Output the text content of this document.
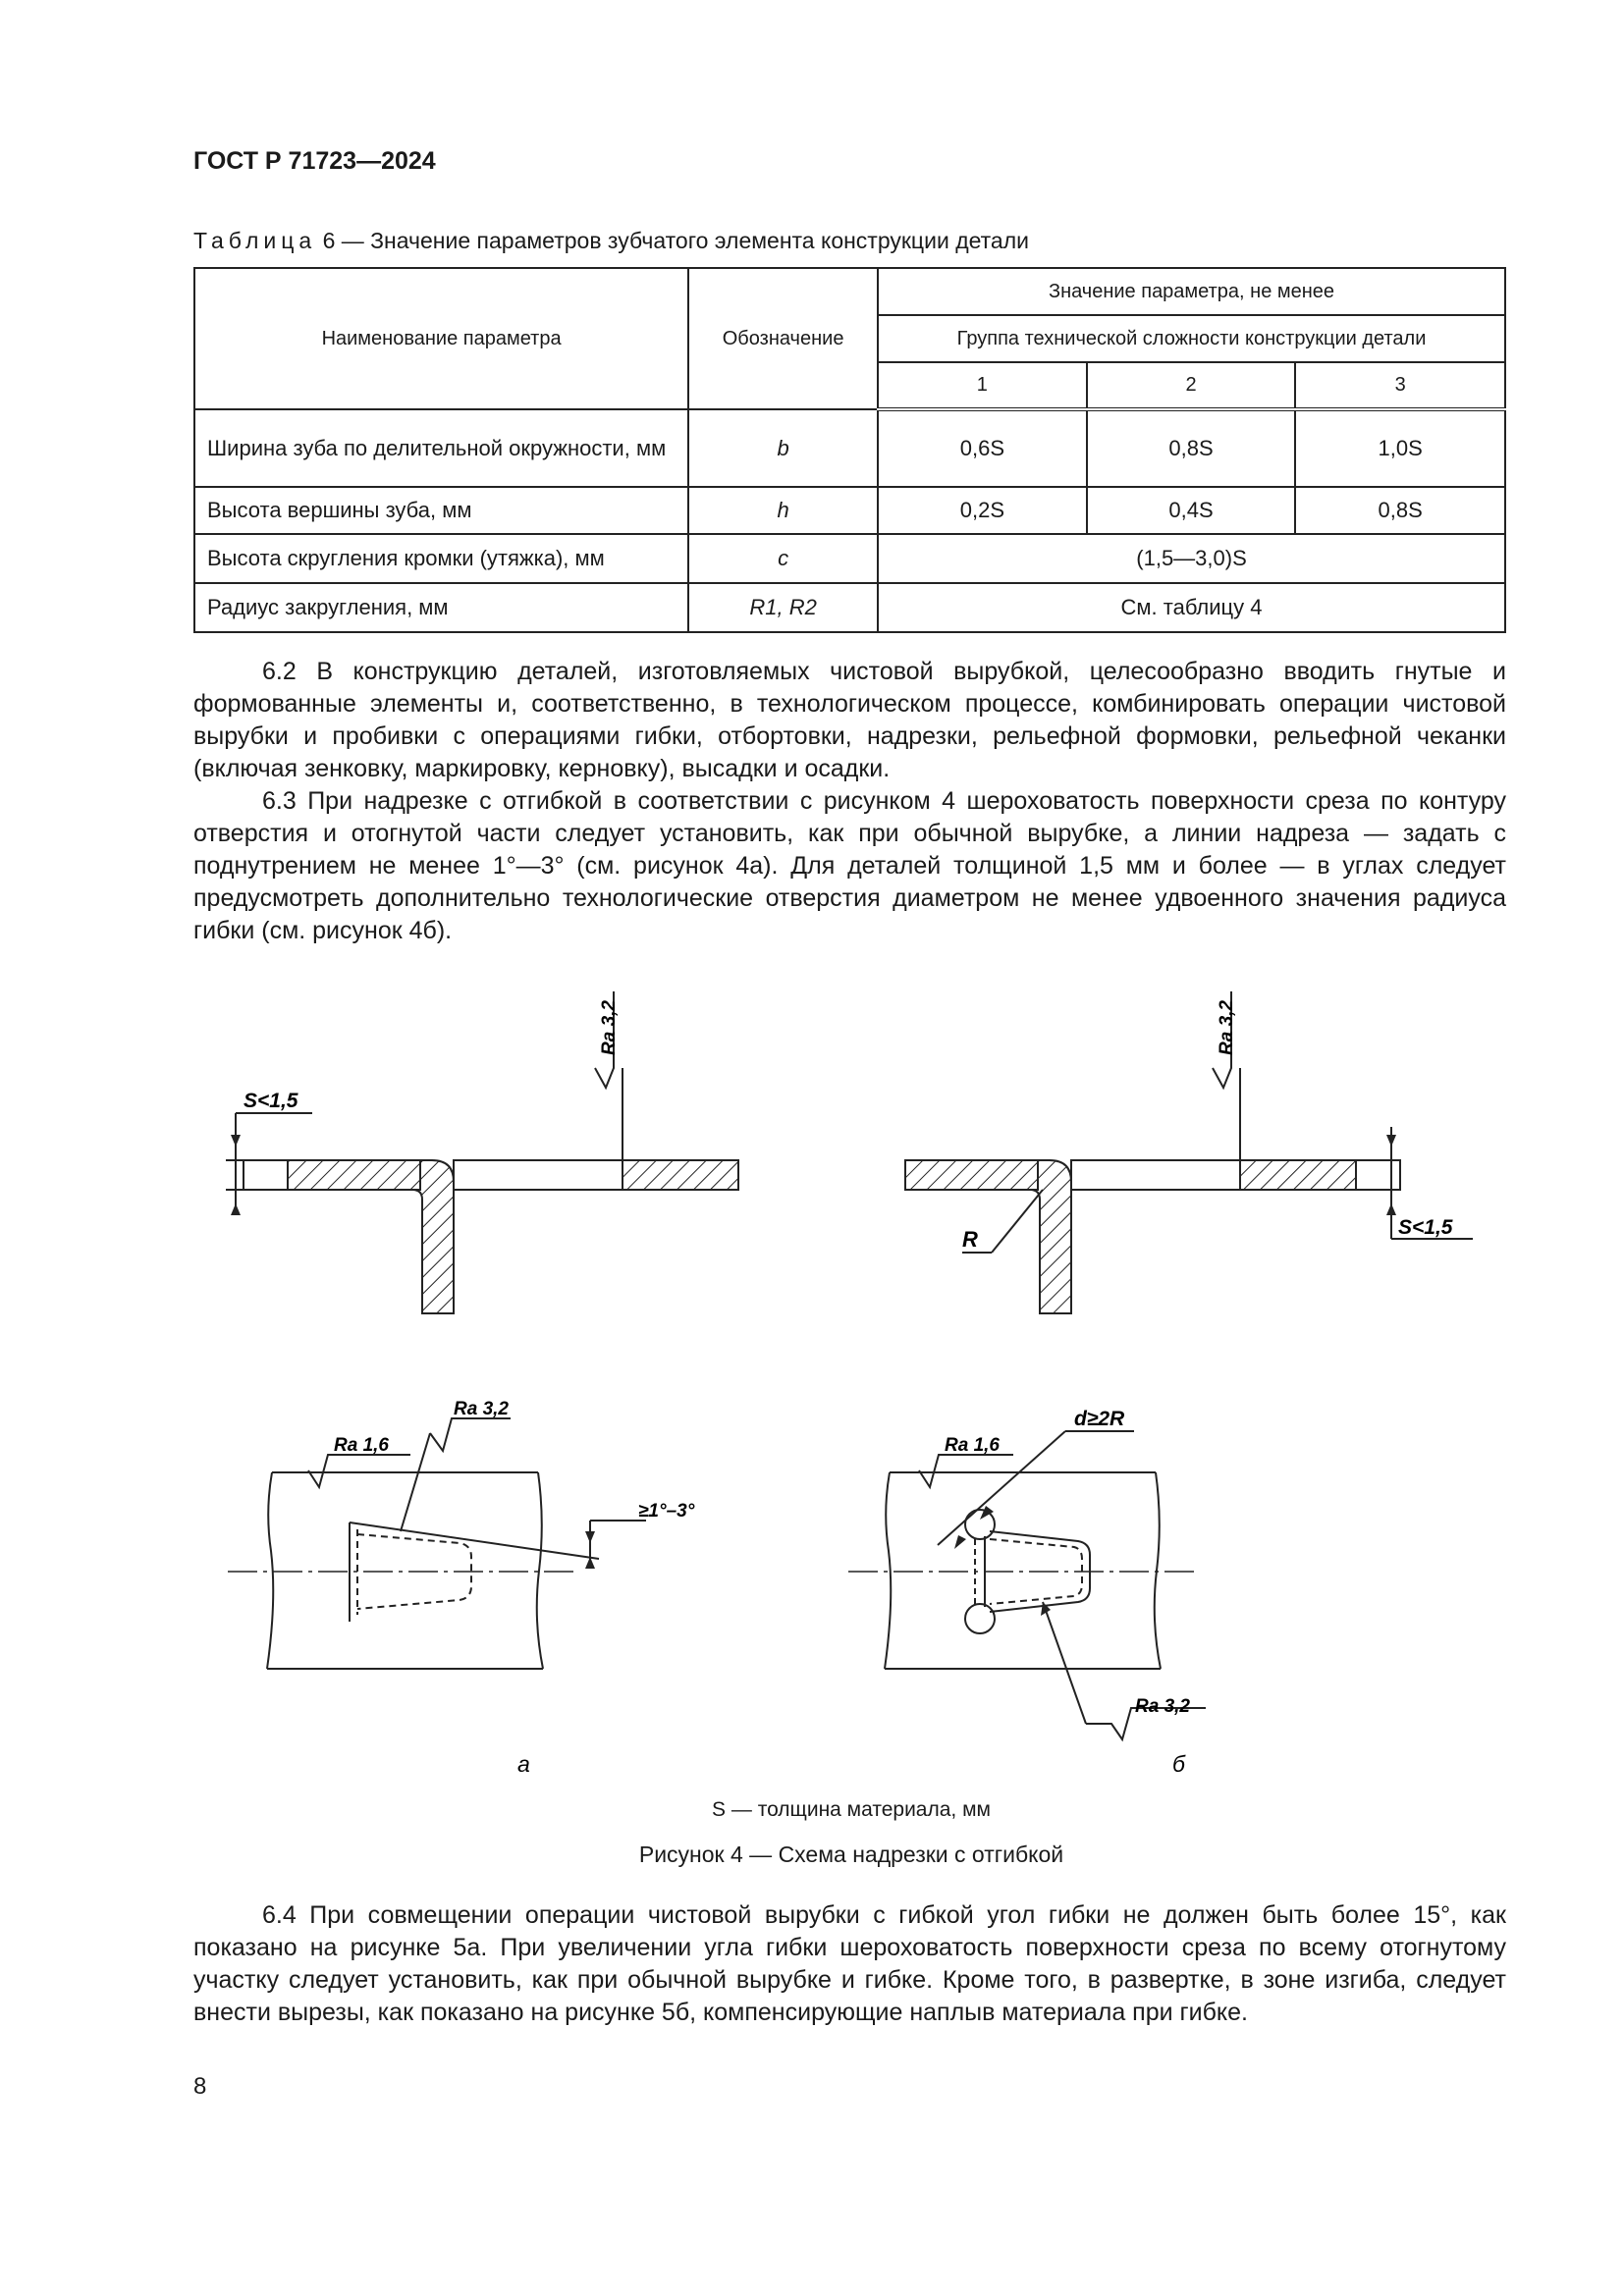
ГОСТ Р 71723—2024
Таблица 6 — Значение параметров зубчатого элемента конструкции детали
Наименование параметра	Обозначение	Значение параметра, не менее		
		Группа технической сложности конструкции детали		
		1	2	3
Ширина зуба по делительной окружности, мм	b	0,6S	0,8S	1,0S
Высота вершины зуба, мм	h	0,2S	0,4S	0,8S
Высота скругления кромки (утяжка), мм	c	(1,5—3,0)S		
Радиус закругления, мм	R1, R2	См. таблицу 4		

6.2 В конструкцию деталей, изготовляемых чистовой вырубкой, целесообразно вводить гнутые и формованные элементы и, соответственно, в технологическом процессе, комбинировать операции чистовой вырубки и пробивки с операциями гибки, отбортовки, надрезки, рельефной формовки, рельефной чеканки (включая зенковку, маркировку, керновку), высадки и осадки.

6.3 При надрезке с отгибкой в соответствии с рисунком 4 шероховатость поверхности среза по контуру отверстия и отогнутой части следует установить, как при обычной вырубке, а линии надреза — задать с поднутрением не менее 1°—3° (см. рисунок 4а). Для деталей толщиной 1,5 мм и более — в углах следует предусмотреть дополнительно технологические отверстия диаметром не менее удвоенного значения радиуса гибки (см. рисунок 4б).

S<1,5
Ra 3,2
S<1,5
R
Ra 3,2
≥1°–3°
Ra 1,6
Ra 3,2
а
d≥2R
Ra 1,6
Ra 3,2
б
S — толщина материала, мм
Рисунок 4 — Схема надрезки с отгибкой

6.4 При совмещении операции чистовой вырубки с гибкой угол гибки не должен быть более 15°, как показано на рисунке 5а. При увеличении угла гибки шероховатость поверхности среза по всему отогнутому участку следует установить, как при обычной вырубке и гибке. Кроме того, в развертке, в зоне изгиба, следует внести вырезы, как показано на рисунке 5б, компенсирующие наплыв материала при гибке.

8
